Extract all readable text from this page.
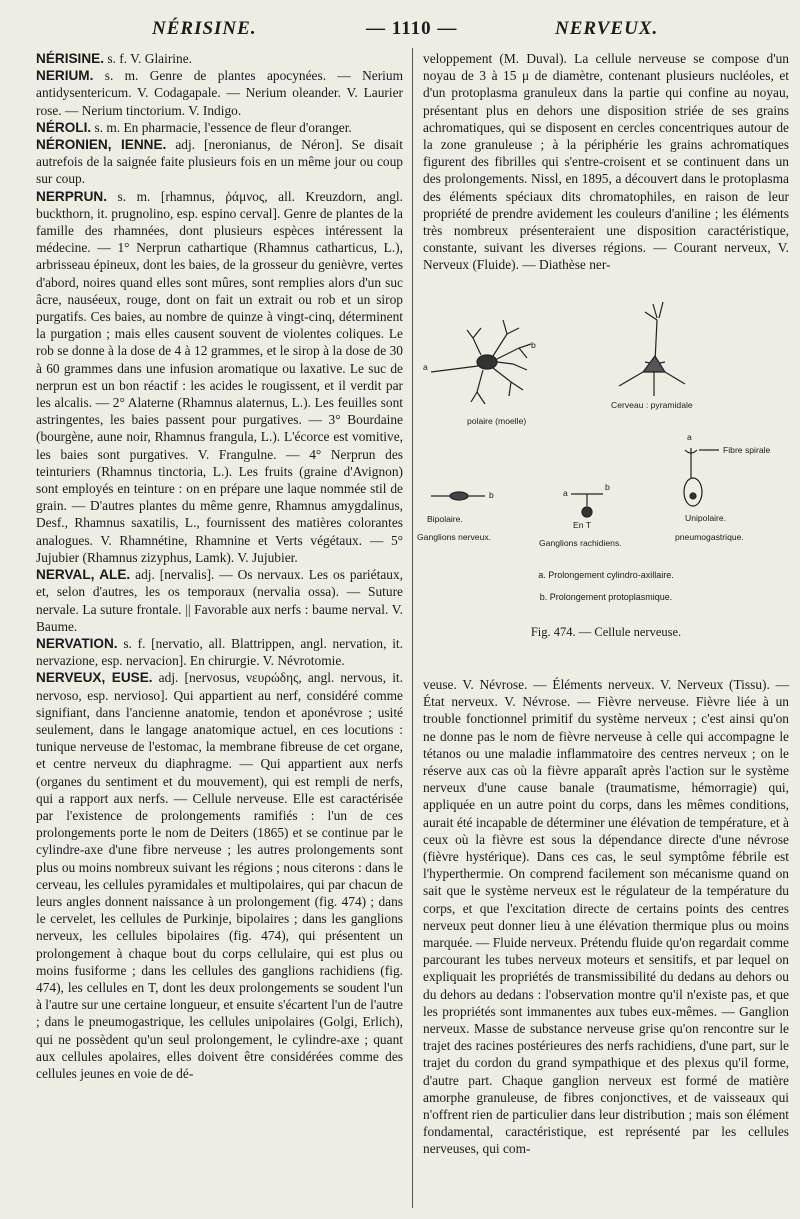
NÉRISINE.	— 1110 —	NERVEUX.

NÉRISINE. s. f. V. Glairine.

NERIUM. s. m. Genre de plantes apocynées. — Nerium antidysentericum. V. Codagapale. — Nerium oleander. V. Laurier rose. — Nerium tinctorium. V. Indigo.

NÉROLI. s. m. En pharmacie, l'essence de fleur d'oranger.

NÉRONIEN, IENNE. adj. [neronianus, de Néron]. Se disait autrefois de la saignée faite plusieurs fois en un même jour ou coup sur coup.

NERPRUN. s. m. [rhamnus, ῥάμνος, all. Kreuzdorn, angl. buckthorn, it. prugnolino, esp. espino cerval]. Genre de plantes de la famille des rhamnées, dont plusieurs espèces intéressent la médecine. — 1° Nerprun cathartique (Rhamnus catharticus, L.), arbrisseau épineux, dont les baies, de la grosseur du genièvre, vertes d'abord, noires quand elles sont mûres, sont remplies alors d'un suc âcre, nauséeux, rouge, dont on fait un extrait ou rob et un sirop purgatifs. Ces baies, au nombre de quinze à vingt-cinq, déterminent la purgation ; mais elles causent souvent de violentes coliques. Le rob se donne à la dose de 4 à 12 grammes, et le sirop à la dose de 30 à 60 grammes dans une infusion aromatique ou laxative. Le suc de nerprun est un bon réactif : les acides le rougissent, et il verdit par les alcalis. — 2° Alaterne (Rhamnus alaternus, L.). Les feuilles sont astringentes, les baies passent pour purgatives. — 3° Bourdaine (bourgène, aune noir, Rhamnus frangula, L.). L'écorce est vomitive, les baies sont purgatives. V. Frangulne. — 4° Nerprun des teinturiers (Rhamnus tinctoria, L.). Les fruits (graine d'Avignon) sont employés en teinture : on en prépare une laque nommée stil de grain. — D'autres plantes du même genre, Rhamnus amygdalinus, Desf., Rhamnus saxatilis, L., fournissent des matières colorantes analogues. V. Rhamnétine, Rhamnine et Verts végétaux. — 5° Jujubier (Rhamnus zizyphus, Lamk). V. Jujubier.

NERVAL, ALE. adj. [nervalis]. — Os nervaux. Les os pariétaux, et, selon d'autres, les os temporaux (nervalia ossa). — Suture nervale. La suture frontale. || Favorable aux nerfs : baume nerval. V. Baume.

NERVATION. s. f. [nervatio, all. Blattrippen, angl. nervation, it. nervazione, esp. nervacion]. En chirurgie. V. Névrotomie.

NERVEUX, EUSE. adj. [nervosus, νευρώδης, angl. nervous, it. nervoso, esp. nervioso]. Qui appartient au nerf, considéré comme signifiant, dans l'ancienne anatomie, tendon et aponévrose ; usité seulement, dans le langage anatomique actuel, en ces locutions : tunique nerveuse de l'estomac, la membrane fibreuse de cet organe, et centre nerveux du diaphragme. — Qui appartient aux nerfs (organes du sentiment et du mouvement), qui est rempli de nerfs, qui a rapport aux nerfs. — Cellule nerveuse. Elle est caractérisée par l'existence de prolongements ramifiés : l'un de ces prolongements porte le nom de Deiters (1865) et se continue par le cylindre-axe d'une fibre nerveuse ; les autres prolongements sont plus ou moins nombreux suivant les régions ; nous citerons : dans le cerveau, les cellules pyramidales et multipolaires, qui par chacun de leurs angles donnent naissance à un prolongement (fig. 474) ; dans le cervelet, les cellules de Purkinje, bipolaires ; dans les ganglions nerveux, les cellules bipolaires (fig. 474), qui présentent un prolongement à chaque bout du corps cellulaire, qui est plus ou moins fusiforme ; dans les cellules des ganglions rachidiens (fig. 474), les cellules en T, dont les deux prolongements se soudent l'un à l'autre sur une certaine longueur, et ensuite s'écartent l'un de l'autre ; dans le pneumogastrique, les cellules unipolaires (Golgi, Erlich), qui ne possèdent qu'un seul prolongement, le cylindre-axe ; quant aux cellules apolaires, elles doivent être considérées comme des cellules jeunes en voie de dé-

veloppement (M. Duval). La cellule nerveuse se compose d'un noyau de 3 à 15 μ de diamètre, contenant plusieurs nucléoles, et d'un protoplasma granuleux dans la partie qui confine au noyau, présentant plus en dehors une disposition striée de ses grains achromatiques, qui se disposent en cercles concentriques autour de la zone granuleuse ; à la périphérie les grains achromatiques figurent des fibrilles qui s'entre-croisent et se continuent dans un des prolongements. Nissl, en 1895, a découvert dans le protoplasma des éléments spéciaux dits chromatophiles, en raison de leur propriété de prendre avidement les couleurs d'aniline ; les éléments très nombreux présenteraient une disposition caractéristique, constante, suivant les diverses régions. — Courant nerveux, V. Nerveux (Fluide). — Diathèse ner-

a
b
polaire (moelle)
Cerveau : pyramidale
a
Fibre spirale
b
Bipolaire.
Ganglions nerveux.
a
b
En T
Ganglions rachidiens.
Unipolaire.
pneumogastrique.
a. Prolongement cylindro-axillaire.
b. Prolongement protoplasmique.
Fig. 474. — Cellule nerveuse.

veuse. V. Névrose. — Éléments nerveux. V. Nerveux (Tissu). — État nerveux. V. Névrose. — Fièvre nerveuse. Fièvre liée à un trouble fonctionnel primitif du système nerveux ; c'est ainsi qu'on ne donne pas le nom de fièvre nerveuse à celle qui accompagne le tétanos ou une maladie inflammatoire des centres nerveux ; on le réserve aux cas où la fièvre apparaît après l'action sur le système nerveux d'une cause banale (traumatisme, hémorragie) qui, appliquée en un autre point du corps, dans les mêmes conditions, aurait été incapable de déterminer une élévation de température, et à ceux où la fièvre est sous la dépendance directe d'une névrose (fièvre hystérique). Dans ces cas, le seul symptôme fébrile est l'hyperthermie. On comprend facilement son mécanisme quand on sait que le système nerveux est le régulateur de la température du corps, et que l'excitation directe de certains points des centres nerveux peut donner lieu à une élévation thermique plus ou moins marquée. — Fluide nerveux. Prétendu fluide qu'on regardait comme parcourant les tubes nerveux moteurs et sensitifs, et par lequel on expliquait les propriétés de transmissibilité du dedans au dehors ou du dehors au dedans : l'observation montre qu'il n'existe pas, et que les propriétés sont immanentes aux tubes eux-mêmes. — Ganglion nerveux. Masse de substance nerveuse grise qu'on rencontre sur le trajet des racines postérieures des nerfs rachidiens, d'une part, sur le trajet du cordon du grand sympathique et des plexus qu'il forme, d'autre part. Chaque ganglion nerveux est formé de matière amorphe granuleuse, de fibres conjonctives, et de vaisseaux qui n'offrent rien de particulier dans leur distribution ; mais son élément fondamental, caractéristique, est représenté par les cellules nerveuses, qui com-
